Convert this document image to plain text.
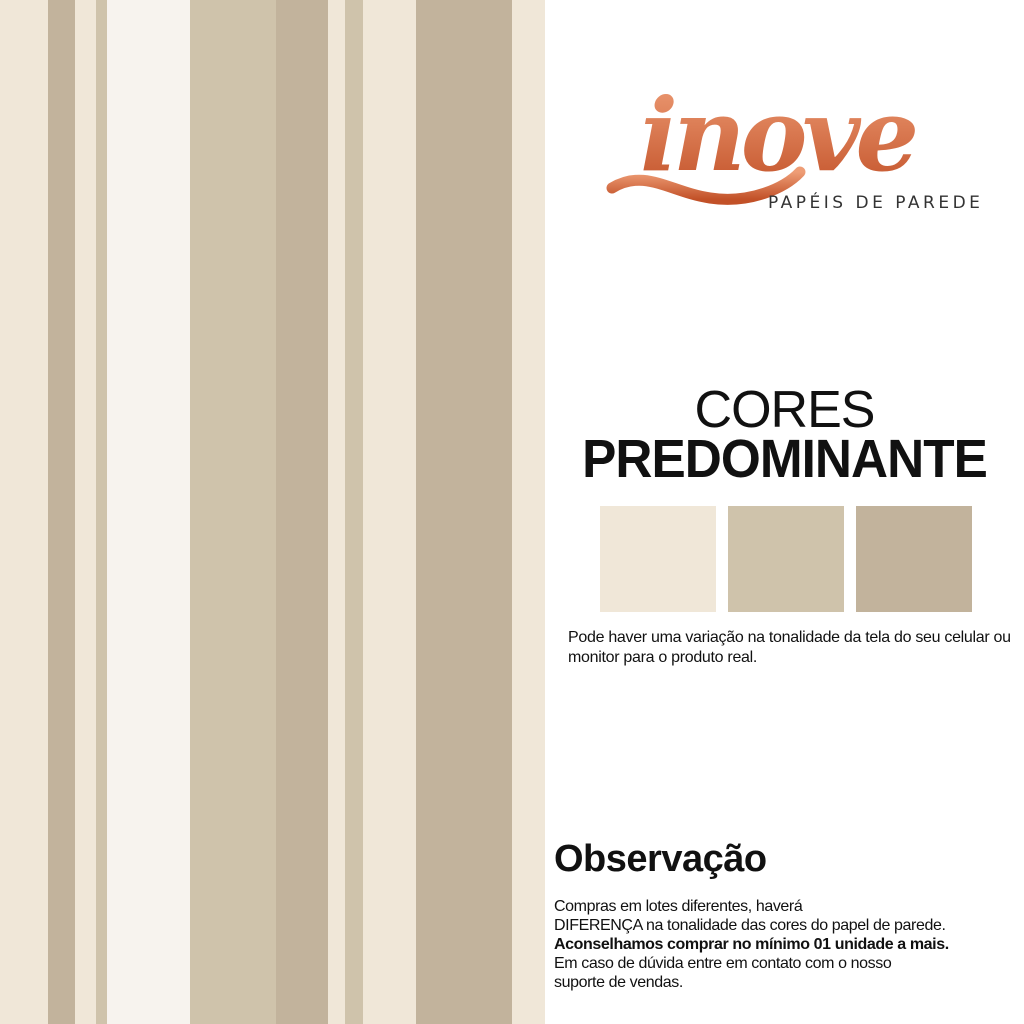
inove
PAPÉIS DE PAREDE
CORES
PREDOMINANTE

Pode haver uma variação na tonalidade da tela do seu celular ou monitor para o produto real.

Observação

Compras em lotes diferentes, haverá
DIFERENÇA na tonalidade das cores do papel de parede.
Aconselhamos comprar no mínimo 01 unidade a mais.
Em caso de dúvida entre em contato com o nosso
suporte de vendas.
